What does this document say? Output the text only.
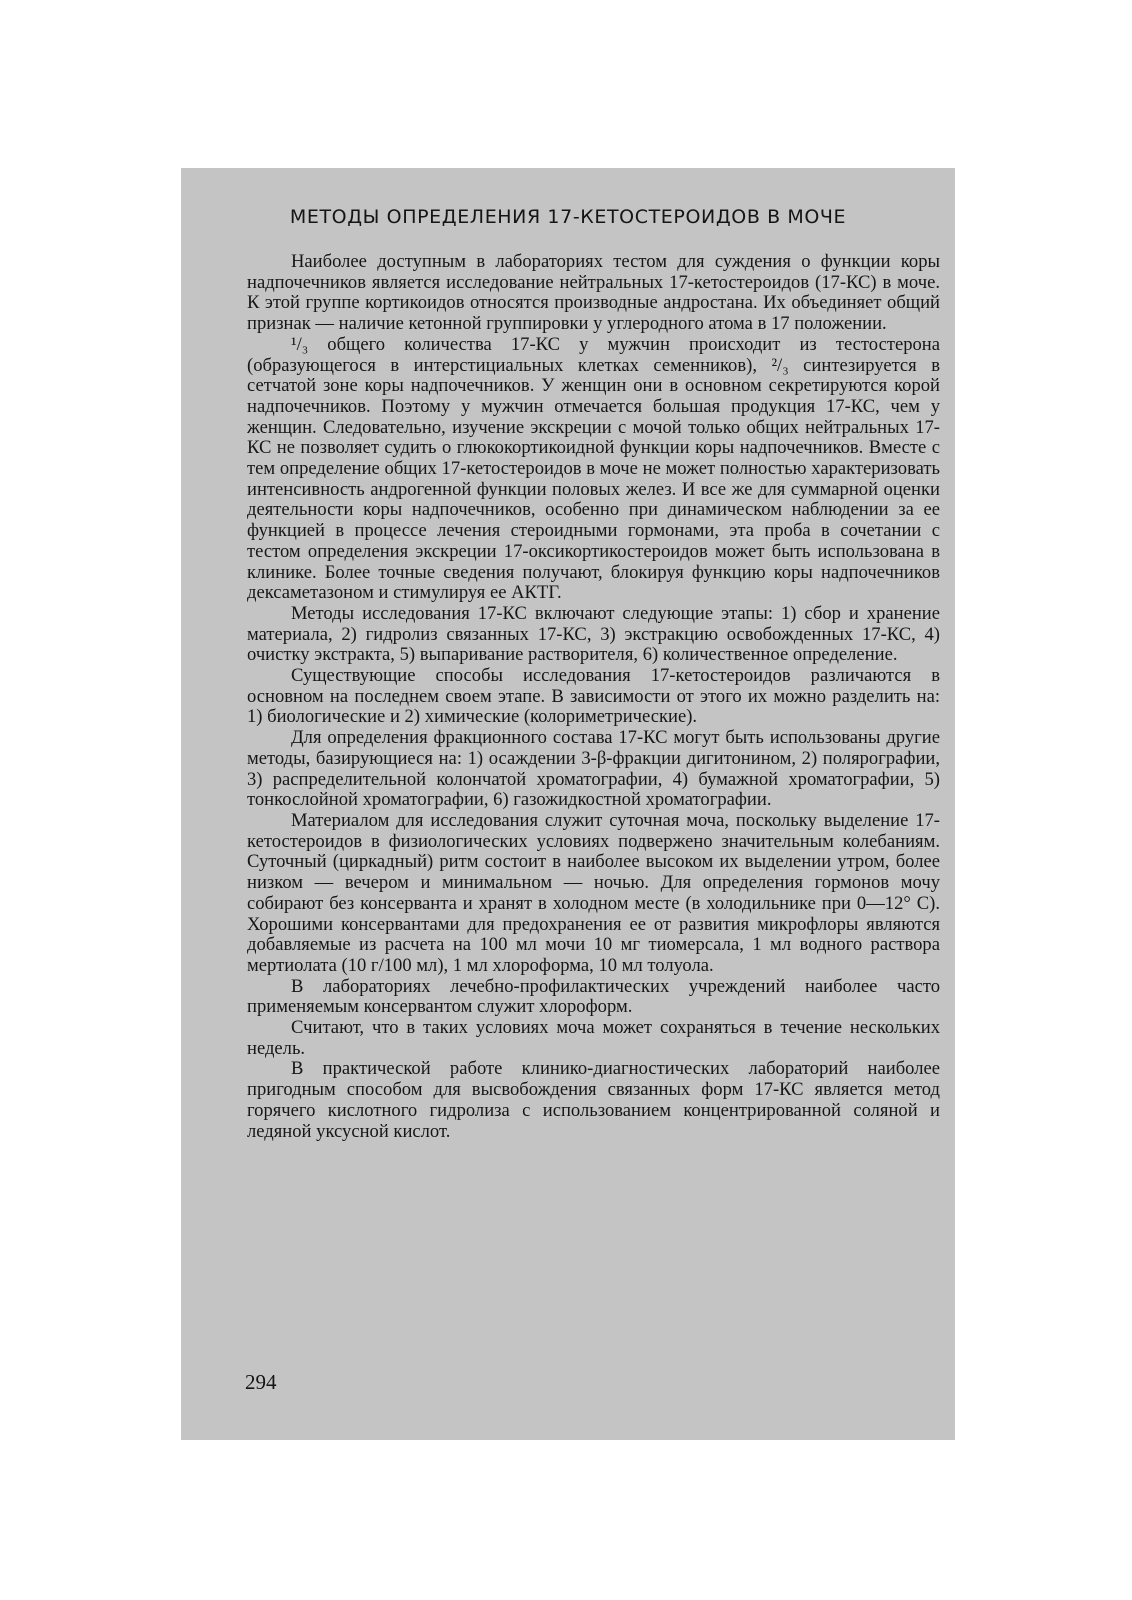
МЕТОДЫ ОПРЕДЕЛЕНИЯ 17-КЕТОСТЕРОИДОВ В МОЧЕ

Наиболее доступным в лабораториях тестом для суждения о функции коры надпочечников является исследование нейтральных 17-кетостероидов (17-КС) в моче. К этой группе кортикоидов относятся производные андростана. Их объединяет общий признак — наличие кетонной группировки у углеродного атома в 17 положении.

¹/₃ общего количества 17-КС у мужчин происходит из тестостерона (образующегося в интерстициальных клетках семенников), ²/₃ синтезируется в сетчатой зоне коры надпочечников. У женщин они в основном секретируются корой надпочечников. Поэтому у мужчин отмечается большая продукция 17-КС, чем у женщин. Следовательно, изучение экскреции с мочой только общих нейтральных 17-КС не позволяет судить о глюкокортикоидной функции коры надпочечников. Вместе с тем определение общих 17-кетостероидов в моче не может полностью характеризовать интенсивность андрогенной функции половых желез. И все же для суммарной оценки деятельности коры надпочечников, особенно при динамическом наблюдении за ее функцией в процессе лечения стероидными гормонами, эта проба в сочетании с тестом определения экскреции 17-оксикортикостероидов может быть использована в клинике. Более точные сведения получают, блокируя функцию коры надпочечников дексаметазоном и стимулируя ее АКТГ.

Методы исследования 17-КС включают следующие этапы: 1) сбор и хранение материала, 2) гидролиз связанных 17-КС, 3) экстракцию освобожденных 17-КС, 4) очистку экстракта, 5) выпаривание растворителя, 6) количественное определение.

Существующие способы исследования 17-кетостероидов различаются в основном на последнем своем этапе. В зависимости от этого их можно разделить на: 1) биологические и 2) химические (колориметрические).

Для определения фракционного состава 17-КС могут быть использованы другие методы, базирующиеся на: 1) осаждении 3-β-фракции дигитонином, 2) полярографии, 3) распределительной колончатой хроматографии, 4) бумажной хроматографии, 5) тонкослойной хроматографии, 6) газожидкостной хроматографии.

Материалом для исследования служит суточная моча, поскольку выделение 17-кетостероидов в физиологических условиях подвержено значительным колебаниям. Суточный (циркадный) ритм состоит в наиболее высоком их выделении утром, более низком — вечером и минимальном — ночью. Для определения гормонов мочу собирают без консерванта и хранят в холодном месте (в холодильнике при 0—12° С). Хорошими консервантами для предохранения ее от развития микрофлоры являются добавляемые из расчета на 100 мл мочи 10 мг тиомерсала, 1 мл водного раствора мертиолата (10 г/100 мл), 1 мл хлороформа, 10 мл толуола.

В лабораториях лечебно-профилактических учреждений наиболее часто применяемым консервантом служит хлороформ.

Считают, что в таких условиях моча может сохраняться в течение нескольких недель.

В практической работе клинико-диагностических лабораторий наиболее пригодным способом для высвобождения связанных форм 17-КС является метод горячего кислотного гидролиза с использованием концентрированной соляной и ледяной уксусной кислот.

294
